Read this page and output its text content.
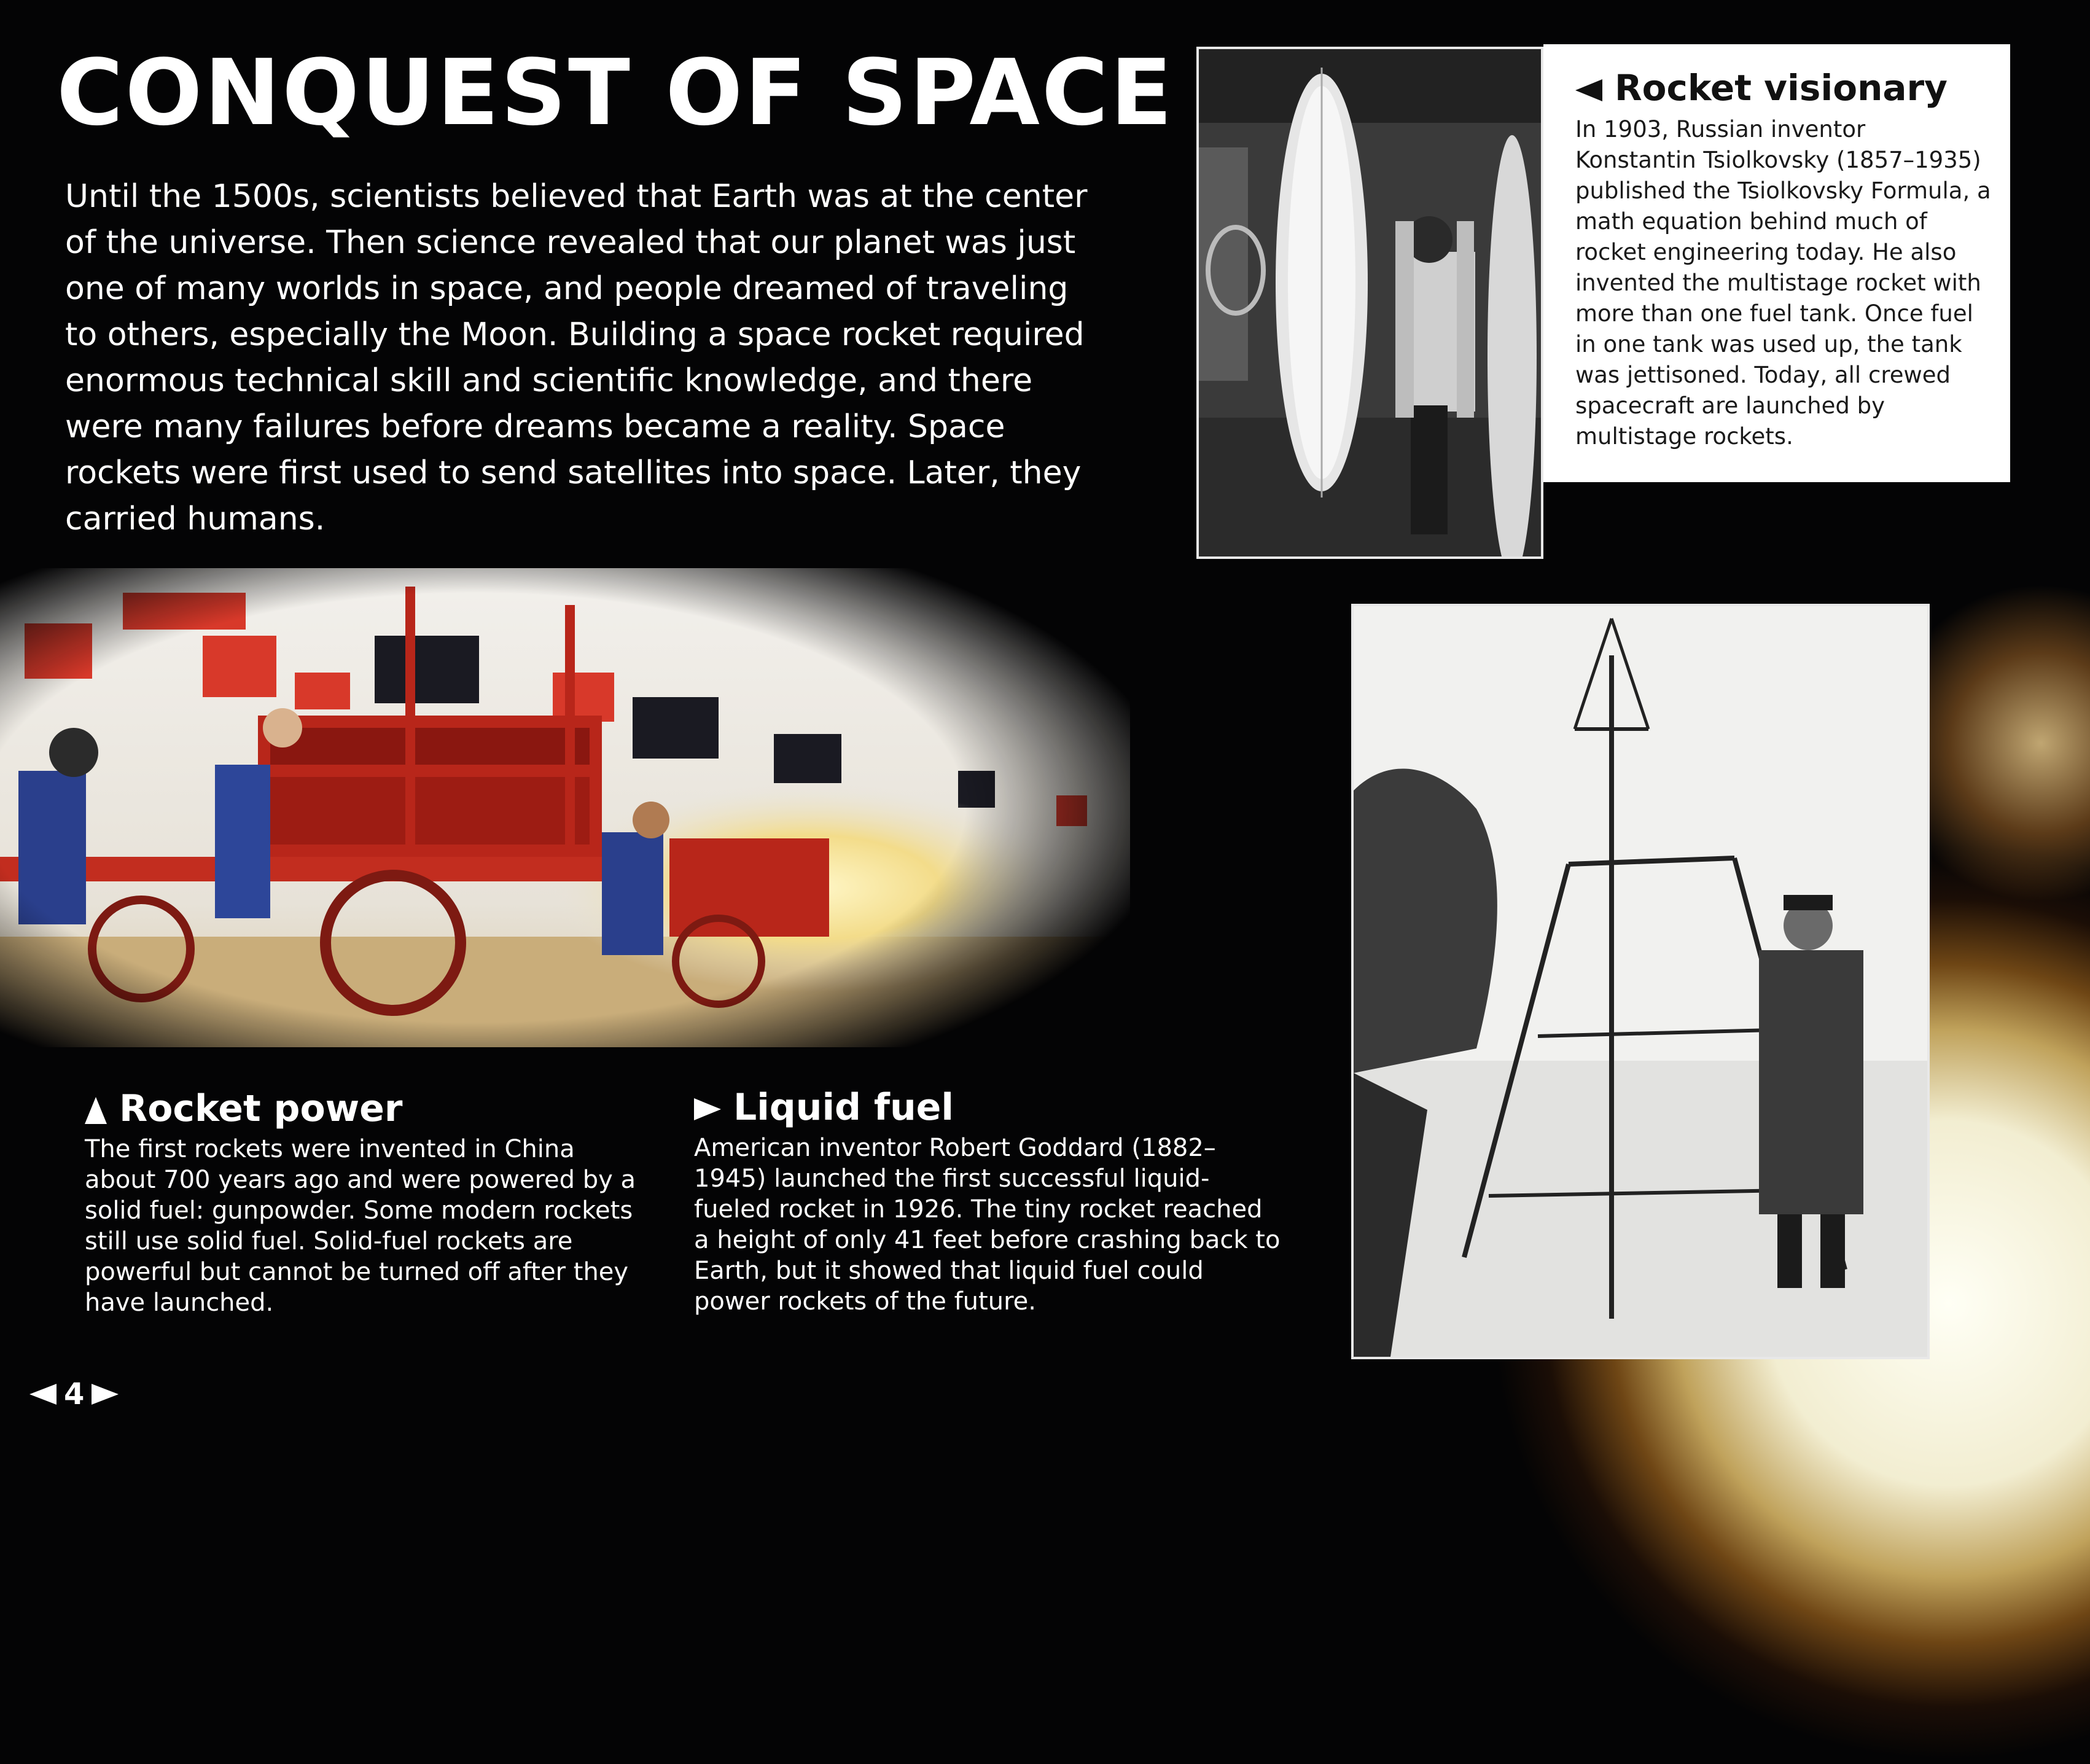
CONQUEST OF SPACE

Until the 1500s, scientists believed that Earth was at the center of the universe. Then science revealed that our planet was just one of many worlds in space, and people dreamed of traveling to others, especially the Moon. Building a space rocket required enormous technical skill and scientific knowledge, and there were many failures before dreams became a reality. Space rockets were first used to send satellites into space. Later, they carried humans.

Rocket visionary

In 1903, Russian inventor Konstantin Tsiolkovsky (1857–1935) published the Tsiolkovsky Formula, a math equation behind much of rocket engineering today. He also invented the multistage rocket with more than one fuel tank. Once fuel in one tank was used up, the tank was jettisoned. Today, all crewed spacecraft are launched by multistage rockets.

Rocket power

The first rockets were invented in China about 700 years ago and were powered by a solid fuel: gunpowder. Some modern rockets still use solid fuel. Solid-fuel rockets are powerful but cannot be turned off after they have launched.

Liquid fuel

American inventor Robert Goddard (1882–1945) launched the first successful liquid-fueled rocket in 1926. The tiny rocket reached a height of only 41 feet before crashing back to Earth, but it showed that liquid fuel could power rockets of the future.

4
